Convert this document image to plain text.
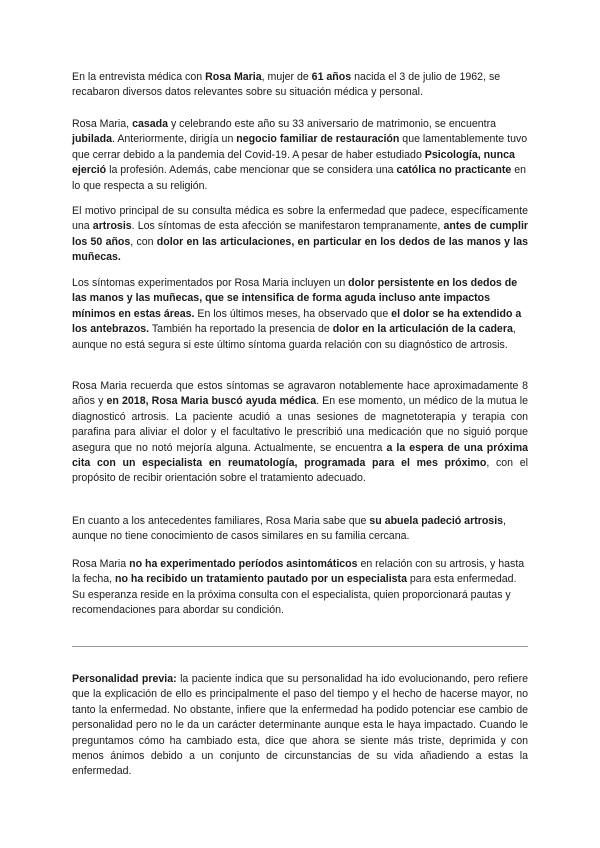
En la entrevista médica con Rosa Maria, mujer de 61 años nacida el 3 de julio de 1962, se recabaron diversos datos relevantes sobre su situación médica y personal.

Rosa Maria, casada y celebrando este año su 33 aniversario de matrimonio, se encuentra jubilada. Anteriormente, dirigía un negocio familiar de restauración que lamentablemente tuvo que cerrar debido a la pandemia del Covid-19. A pesar de haber estudiado Psicología, nunca ejerció la profesión. Además, cabe mencionar que se considera una católica no practicante en lo que respecta a su religión.

El motivo principal de su consulta médica es sobre la enfermedad que padece, específicamente una artrosis. Los síntomas de esta afección se manifestaron tempranamente, antes de cumplir los 50 años, con dolor en las articulaciones, en particular en los dedos de las manos y las muñecas.

Los síntomas experimentados por Rosa Maria incluyen un dolor persistente en los dedos de las manos y las muñecas, que se intensifica de forma aguda incluso ante impactos mínimos en estas áreas. En los últimos meses, ha observado que el dolor se ha extendido a los antebrazos. También ha reportado la presencia de dolor en la articulación de la cadera, aunque no está segura si este último síntoma guarda relación con su diagnóstico de artrosis.

Rosa Maria recuerda que estos síntomas se agravaron notablemente hace aproximadamente 8 años y en 2018, Rosa Maria buscó ayuda médica. En ese momento, un médico de la mutua le diagnosticó artrosis. La paciente acudió a unas sesiones de magnetoterapia y terapia con parafina para aliviar el dolor y el facultativo le prescribió una medicación que no siguió porque asegura que no notó mejoría alguna. Actualmente, se encuentra a la espera de una próxima cita con un especialista en reumatología, programada para el mes próximo, con el propósito de recibir orientación sobre el tratamiento adecuado.

En cuanto a los antecedentes familiares, Rosa Maria sabe que su abuela padeció artrosis, aunque no tiene conocimiento de casos similares en su familia cercana.

Rosa Maria no ha experimentado períodos asintomáticos en relación con su artrosis, y hasta la fecha, no ha recibido un tratamiento pautado por un especialista para esta enfermedad. Su esperanza reside en la próxima consulta con el especialista, quien proporcionará pautas y recomendaciones para abordar su condición.

Personalidad previa: la paciente indica que su personalidad ha ido evolucionando, pero refiere que la explicación de ello es principalmente el paso del tiempo y el hecho de hacerse mayor, no tanto la enfermedad. No obstante, infiere que la enfermedad ha podido potenciar ese cambio de personalidad pero no le da un carácter determinante aunque esta le haya impactado. Cuando le preguntamos cómo ha cambiado esta, dice que ahora se siente más triste, deprimida y con menos ánimos debido a un conjunto de circunstancias de su vida añadiendo a estas la enfermedad.
